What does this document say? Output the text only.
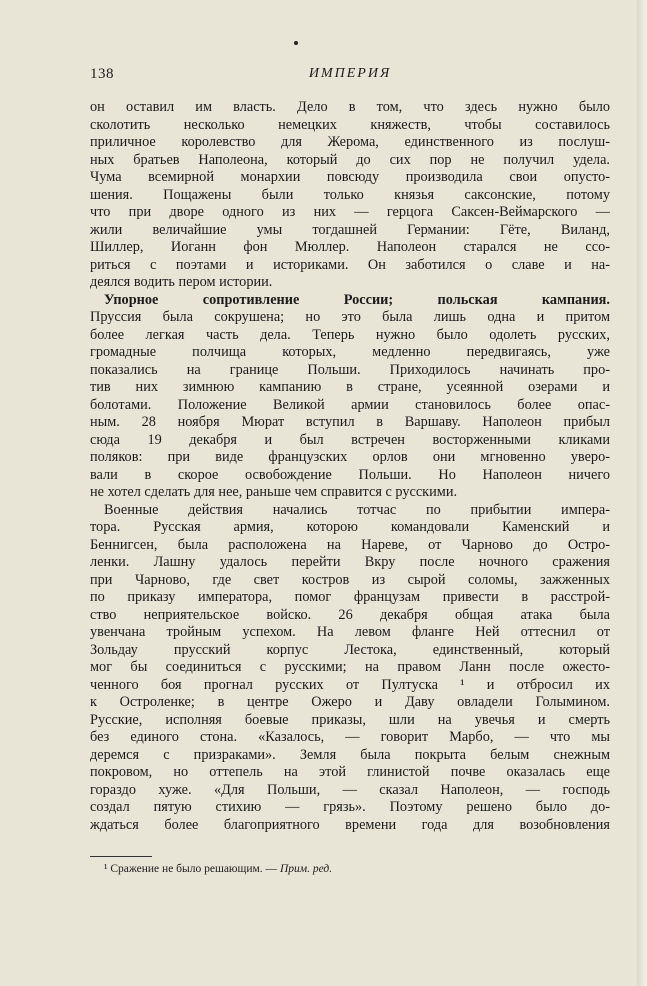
138	ИМПЕРИЯ
он оставил им власть. Дело в том, что здесь нужно было
сколотить несколько немецких княжеств, чтобы составилось
приличное королевство для Жерома, единственного из послуш-
ных братьев Наполеона, который до сих пор не получил удела.
Чума всемирной монархии повсюду производила свои опусто-
шения. Пощажены были только князья саксонские, потому
что при дворе одного из них — герцога Саксен-Веймарского —
жили величайшие умы тогдашней Германии: Гёте, Виланд,
Шиллер, Иоганн фон Мюллер. Наполеон старался не ссо-
риться с поэтами и историками. Он заботился о славе и на-
деялся водить пером истории.
Упорное сопротивление России; польская кампания.
Пруссия была сокрушена; но это была лишь одна и притом
более легкая часть дела. Теперь нужно было одолеть русских,
громадные полчища которых, медленно передвигаясь, уже
показались на границе Польши. Приходилось начинать про-
тив них зимнюю кампанию в стране, усеянной озерами и
болотами. Положение Великой армии становилось более опас-
ным. 28 ноября Мюрат вступил в Варшаву. Наполеон прибыл
сюда 19 декабря и был встречен восторженными кликами
поляков: при виде французских орлов они мгновенно уверо-
вали в скорое освобождение Польши. Но Наполеон ничего
не хотел сделать для нее, раньше чем справится с русскими.
Военные действия начались тотчас по прибытии импера-
тора. Русская армия, которою командовали Каменский и
Беннигсен, была расположена на Нареве, от Чарново до Остро-
ленки. Лашну удалось перейти Вкру после ночного сражения
при Чарново, где свет костров из сырой соломы, зажженных
по приказу императора, помог французам привести в расстрой-
ство неприятельское войско. 26 декабря общая атака была
увенчана тройным успехом. На левом фланге Ней оттеснил от
Зольдау прусский корпус Лестока, единственный, который
мог бы соединиться с русскими; на правом Ланн после ожесто-
ченного боя прогнал русских от Пултуска ¹ и отбросил их
к Остроленке; в центре Ожеро и Даву овладели Голымином.
Русские, исполняя боевые приказы, шли на увечья и смерть
без единого стона. «Казалось, — говорит Марбо, — что мы
деремся с призраками». Земля была покрыта белым снежным
покровом, но оттепель на этой глинистой почве оказалась еще
гораздо хуже. «Для Польши, — сказал Наполеон, — господь
создал пятую стихию — грязь». Поэтому решено было до-
ждаться более благоприятного времени года для возобновления
¹ Сражение не было решающим. — Прим. ред.
